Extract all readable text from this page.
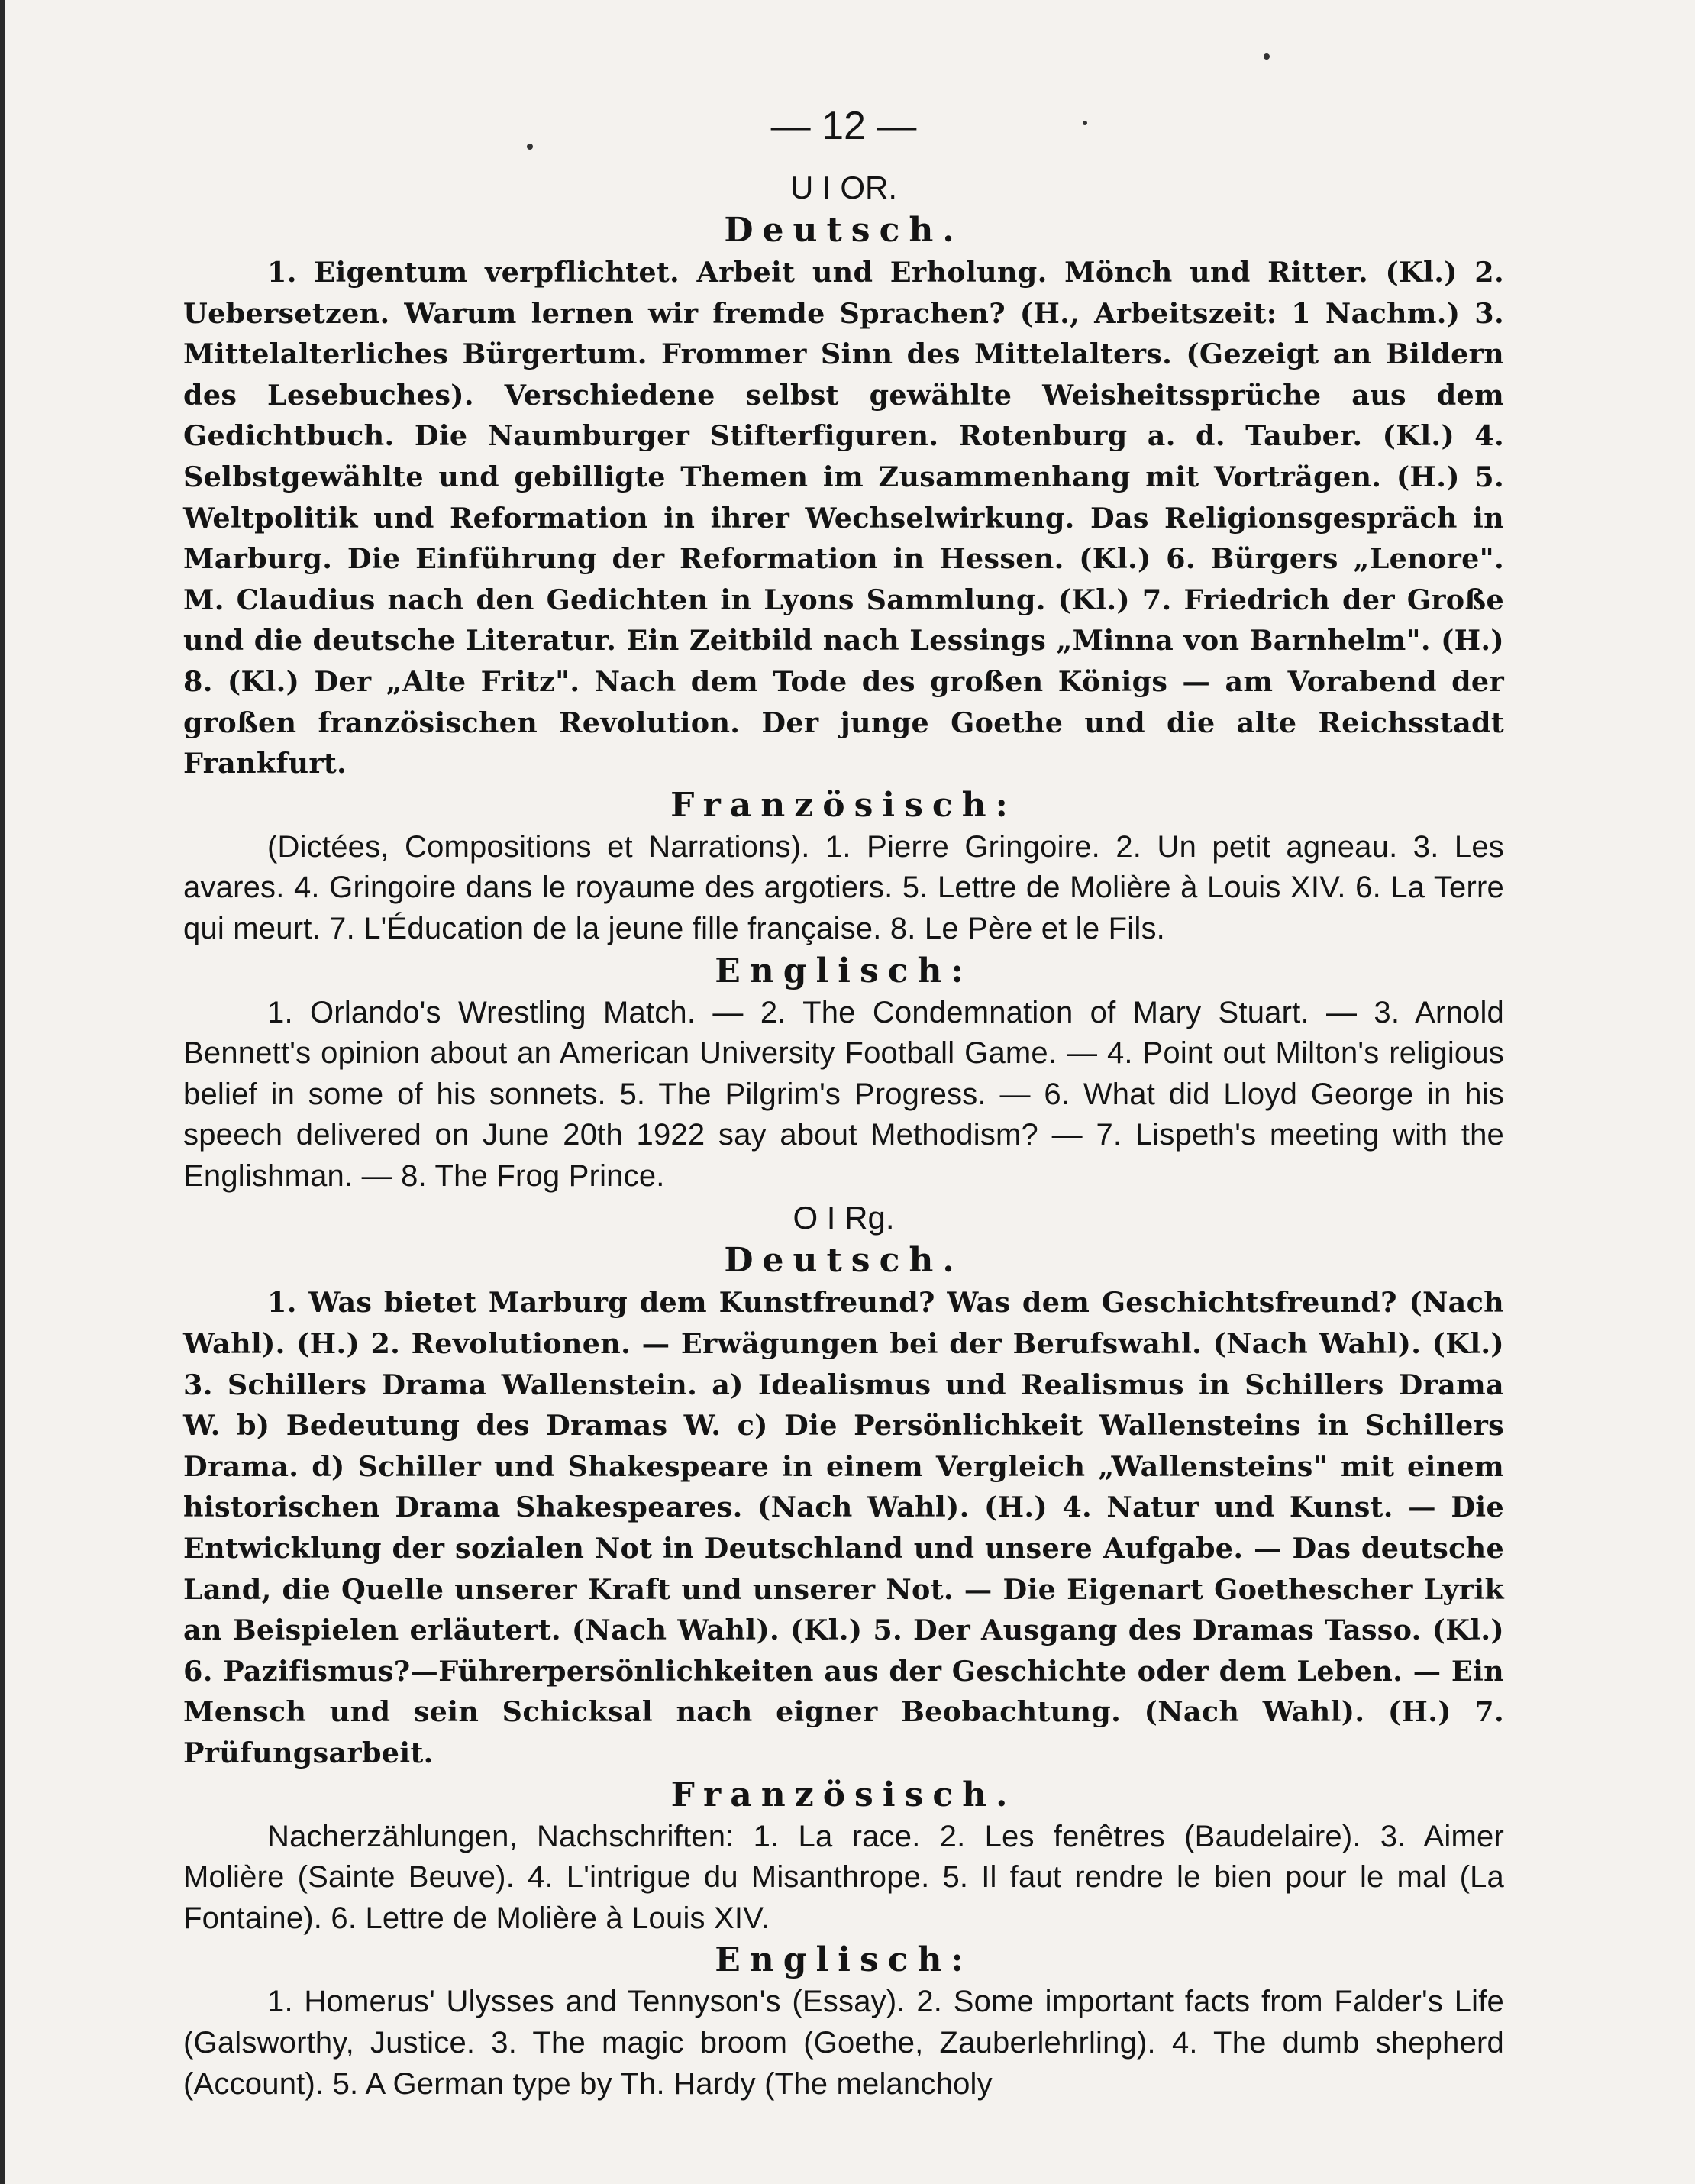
— 12 —
U I OR.
Deutsch.

1. Eigentum verpflichtet. Arbeit und Erholung. Mönch und Ritter. (Kl.) 2. Uebersetzen. Warum lernen wir fremde Sprachen? (H., Arbeitszeit: 1 Nachm.) 3. Mittelalterliches Bürgertum. Frommer Sinn des Mittelalters. (Gezeigt an Bildern des Lesebuches). Verschiedene selbst gewählte Weisheitssprüche aus dem Gedichtbuch. Die Naumburger Stifterfiguren. Rotenburg a. d. Tauber. (Kl.) 4. Selbstgewählte und gebilligte Themen im Zusammenhang mit Vorträgen. (H.) 5. Weltpolitik und Reformation in ihrer Wechselwirkung. Das Religionsgespräch in Marburg. Die Einführung der Reformation in Hessen. (Kl.) 6. Bürgers „Lenore". M. Claudius nach den Gedichten in Lyons Sammlung. (Kl.) 7. Friedrich der Große und die deutsche Literatur. Ein Zeitbild nach Lessings „Minna von Barnhelm". (H.) 8. (Kl.) Der „Alte Fritz". Nach dem Tode des großen Königs — am Vorabend der großen französischen Revolution. Der junge Goethe und die alte Reichsstadt Frankfurt.

Französisch:

(Dictées, Compositions et Narrations). 1. Pierre Gringoire. 2. Un petit agneau. 3. Les avares. 4. Gringoire dans le royaume des argotiers. 5. Lettre de Molière à Louis XIV. 6. La Terre qui meurt. 7. L'Éducation de la jeune fille française. 8. Le Père et le Fils.

Englisch:

1. Orlando's Wrestling Match. — 2. The Condemnation of Mary Stuart. — 3. Arnold Bennett's opinion about an American University Football Game. — 4. Point out Milton's religious belief in some of his sonnets. 5. The Pilgrim's Progress. — 6. What did Lloyd George in his speech delivered on June 20th 1922 say about Methodism? — 7. Lispeth's meeting with the Englishman. — 8. The Frog Prince.

O I Rg.
Deutsch.

1. Was bietet Marburg dem Kunstfreund? Was dem Geschichtsfreund? (Nach Wahl). (H.) 2. Revolutionen. — Erwägungen bei der Berufswahl. (Nach Wahl). (Kl.) 3. Schillers Drama Wallenstein. a) Idealismus und Realismus in Schillers Drama W. b) Bedeutung des Dramas W. c) Die Persönlichkeit Wallensteins in Schillers Drama. d) Schiller und Shakespeare in einem Vergleich „Wallensteins" mit einem historischen Drama Shakespeares. (Nach Wahl). (H.) 4. Natur und Kunst. — Die Entwicklung der sozialen Not in Deutschland und unsere Aufgabe. — Das deutsche Land, die Quelle unserer Kraft und unserer Not. — Die Eigenart Goethescher Lyrik an Beispielen erläutert. (Nach Wahl). (Kl.) 5. Der Ausgang des Dramas Tasso. (Kl.) 6. Pazifismus?—Führerpersönlichkeiten aus der Geschichte oder dem Leben. — Ein Mensch und sein Schicksal nach eigner Beobachtung. (Nach Wahl). (H.) 7. Prüfungsarbeit.

Französisch.

Nacherzählungen, Nachschriften: 1. La race. 2. Les fenêtres (Baudelaire). 3. Aimer Molière (Sainte Beuve). 4. L'intrigue du Misanthrope. 5. Il faut rendre le bien pour le mal (La Fontaine). 6. Lettre de Molière à Louis XIV.

Englisch:

1. Homerus' Ulysses and Tennyson's (Essay). 2. Some important facts from Falder's Life (Galsworthy, Justice. 3. The magic broom (Goethe, Zauberlehrling). 4. The dumb shepherd (Account). 5. A German type by Th. Hardy (The melancholy
